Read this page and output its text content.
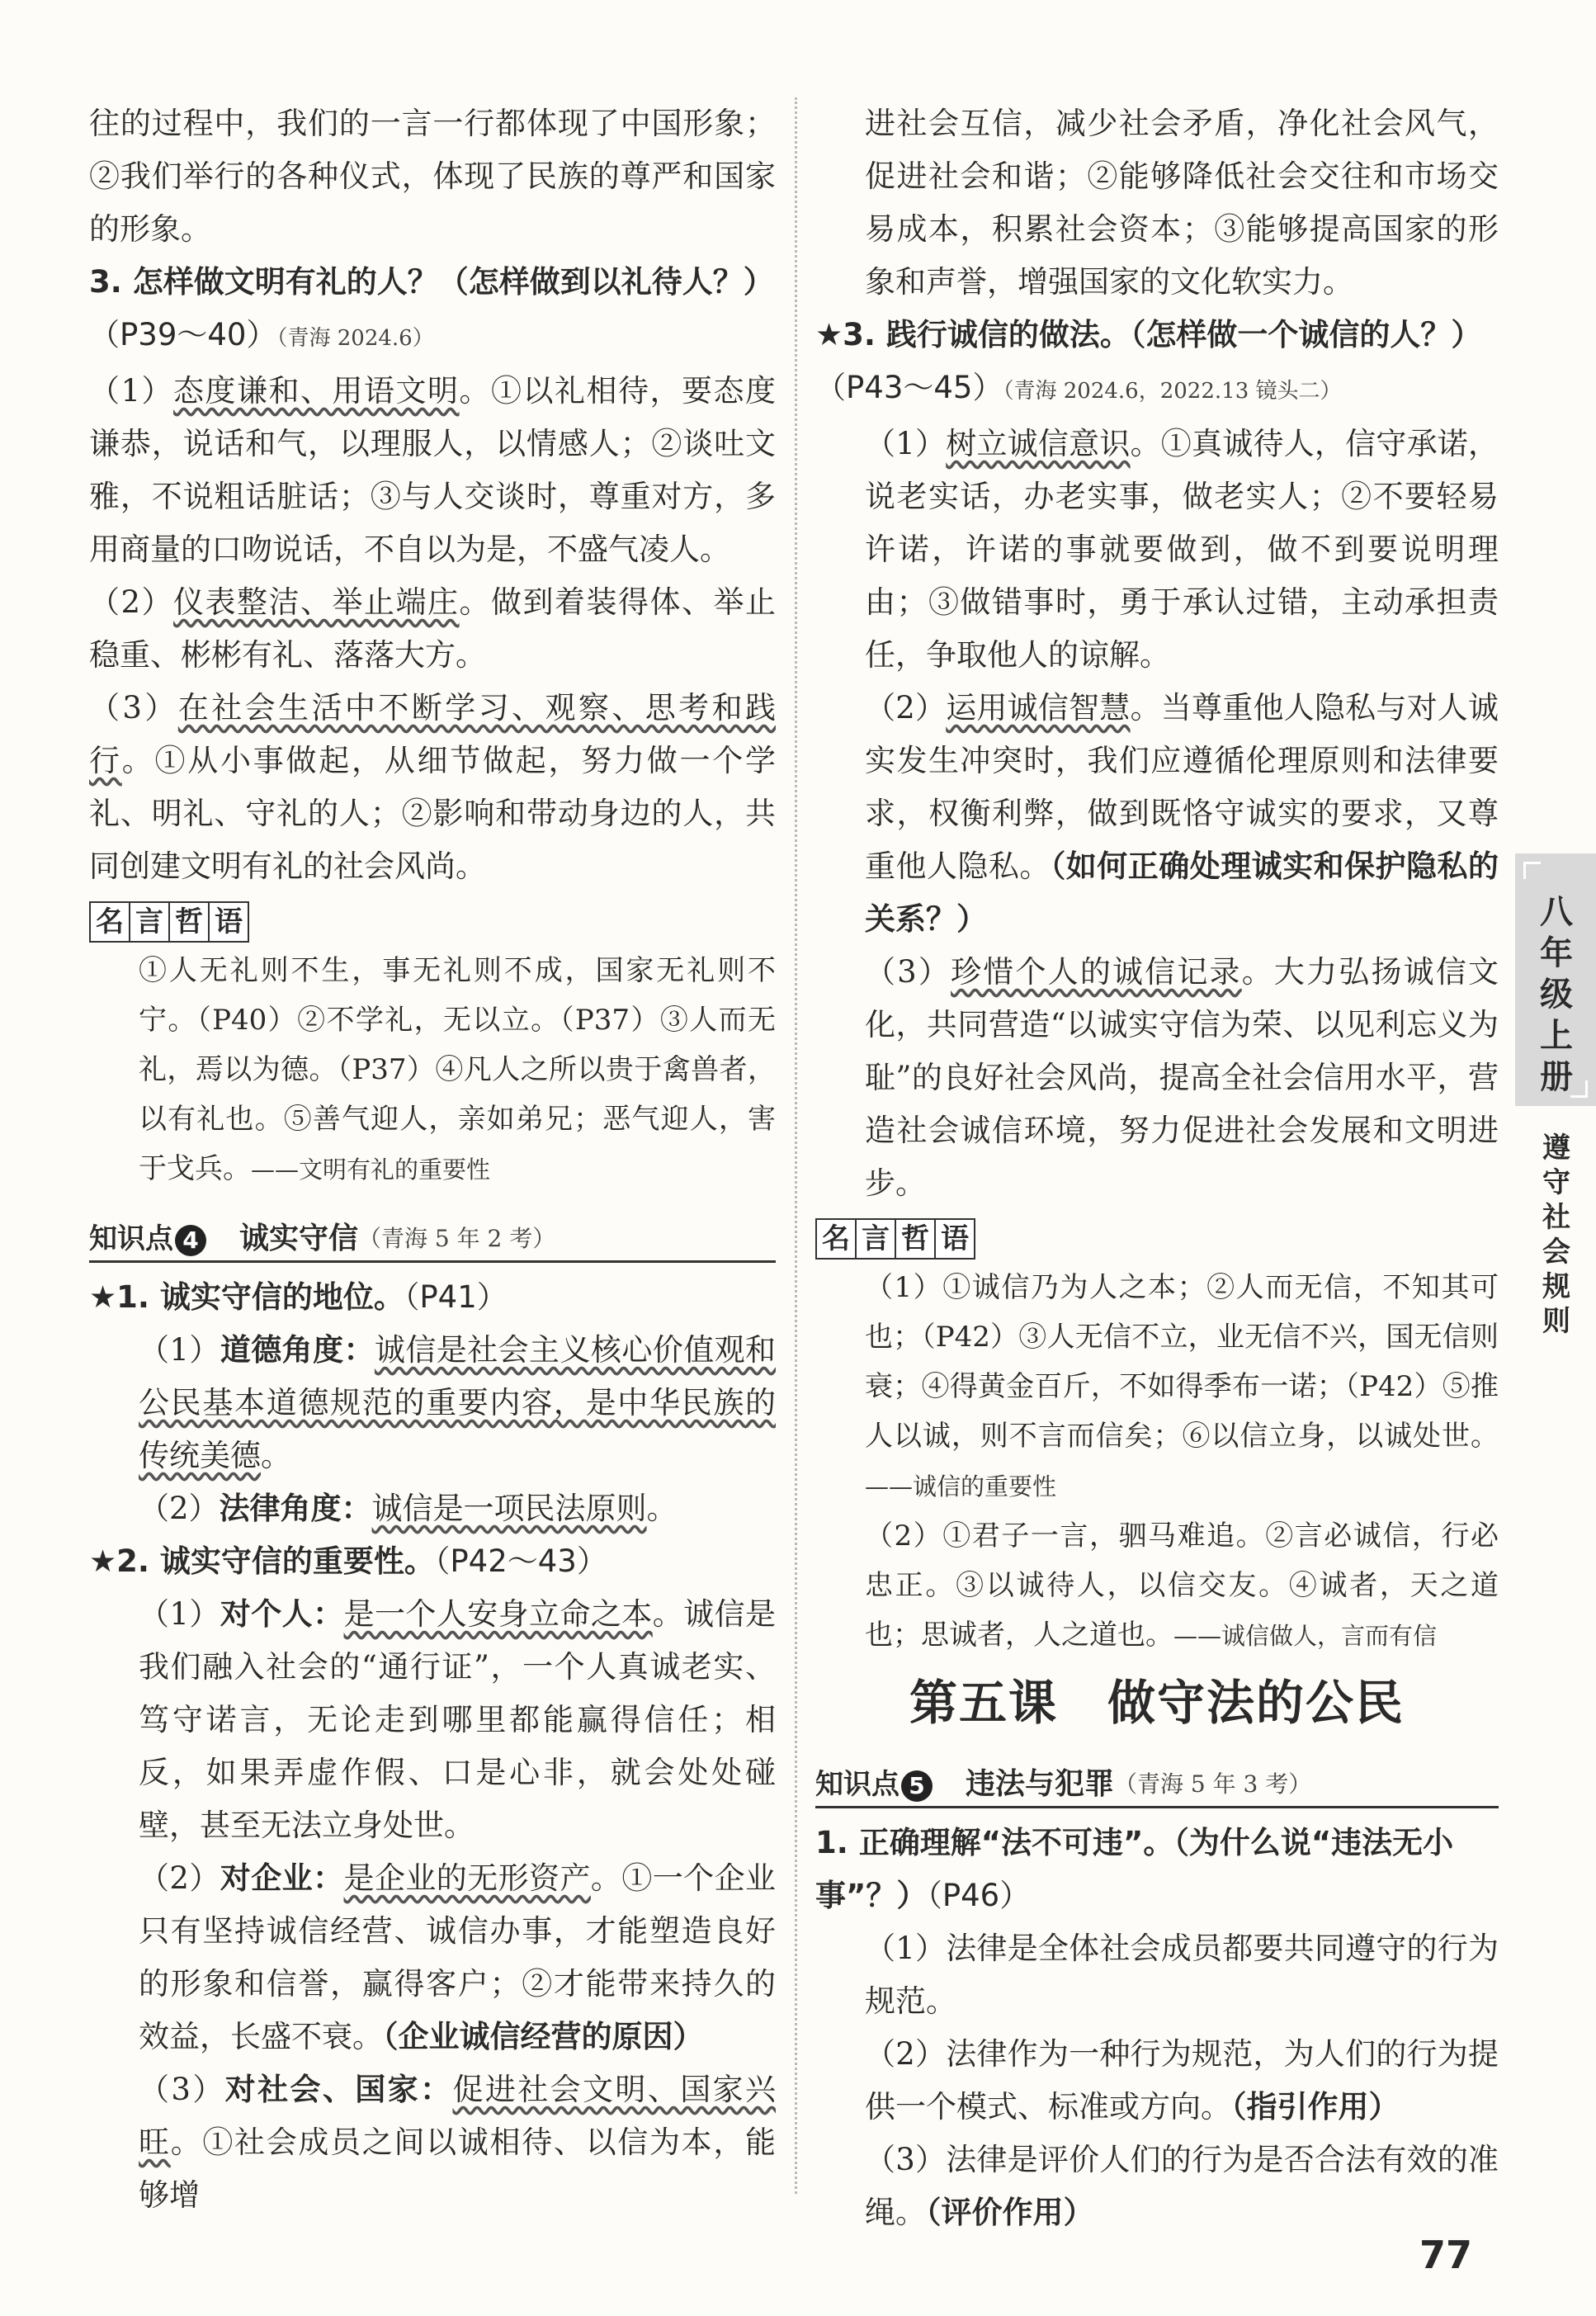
往的过程中，我们的一言一行都体现了中国形象；②我们举行的各种仪式，体现了民族的尊严和国家的形象。

3. 怎样做文明有礼的人？（怎样做到以礼待人？）（P39～40）（青海 2024.6）

（1）态度谦和、用语文明。①以礼相待，要态度谦恭，说话和气，以理服人，以情感人；②谈吐文雅，不说粗话脏话；③与人交谈时，尊重对方，多用商量的口吻说话，不自以为是，不盛气凌人。

（2）仪表整洁、举止端庄。做到着装得体、举止稳重、彬彬有礼、落落大方。

（3）在社会生活中不断学习、观察、思考和践行。①从小事做起，从细节做起，努力做一个学礼、明礼、守礼的人；②影响和带动身边的人，共同创建文明有礼的社会风尚。

名 言 哲 语

①人无礼则不生，事无礼则不成，国家无礼则不宁。（P40）②不学礼，无以立。（P37）③人而无礼，焉以为德。（P37）④凡人之所以贵于禽兽者，以有礼也。⑤善气迎人，亲如弟兄；恶气迎人，害于戈兵。——文明有礼的重要性

知识点 4	诚实守信 （青海 5 年 2 考）

★1. 诚实守信的地位。（P41）

（1）道德角度：诚信是社会主义核心价值观和公民基本道德规范的重要内容，是中华民族的传统美德。

（2）法律角度：诚信是一项民法原则。

★2. 诚实守信的重要性。（P42～43）

（1）对个人：是一个人安身立命之本。诚信是我们融入社会的“通行证”，一个人真诚老实、笃守诺言，无论走到哪里都能赢得信任；相反，如果弄虚作假、口是心非，就会处处碰壁，甚至无法立身处世。

（2）对企业：是企业的无形资产。①一个企业只有坚持诚信经营、诚信办事，才能塑造良好的形象和信誉，赢得客户；②才能带来持久的效益，长盛不衰。（企业诚信经营的原因）

（3）对社会、国家：促进社会文明、国家兴旺。①社会成员之间以诚相待、以信为本，能够增

进社会互信，减少社会矛盾，净化社会风气，促进社会和谐；②能够降低社会交往和市场交易成本，积累社会资本；③能够提高国家的形象和声誉，增强国家的文化软实力。

★3. 践行诚信的做法。（怎样做一个诚信的人？）（P43～45）（青海 2024.6，2022.13 镜头二）

（1）树立诚信意识。①真诚待人，信守承诺，说老实话，办老实事，做老实人；②不要轻易许诺，许诺的事就要做到，做不到要说明理由；③做错事时，勇于承认过错，主动承担责任，争取他人的谅解。

（2）运用诚信智慧。当尊重他人隐私与对人诚实发生冲突时，我们应遵循伦理原则和法律要求，权衡利弊，做到既恪守诚实的要求，又尊重他人隐私。（如何正确处理诚实和保护隐私的关系？）

（3）珍惜个人的诚信记录。大力弘扬诚信文化，共同营造“以诚实守信为荣、以见利忘义为耻”的良好社会风尚，提高全社会信用水平，营造社会诚信环境，努力促进社会发展和文明进步。

名 言 哲 语

（1）①诚信乃为人之本；②人而无信，不知其可也；（P42）③人无信不立，业无信不兴，国无信则衰；④得黄金百斤，不如得季布一诺；（P42）⑤推人以诚，则不言而信矣；⑥以信立身，以诚处世。——诚信的重要性

（2）①君子一言，驷马难追。②言必诚信，行必忠正。③以诚待人，以信交友。④诚者，天之道也；思诚者，人之道也。——诚信做人，言而有信

第五课　做守法的公民

知识点 5	违法与犯罪 （青海 5 年 3 考）

1. 正确理解“法不可违”。（为什么说“违法无小事”？）（P46）

（1）法律是全体社会成员都要共同遵守的行为规范。

（2）法律作为一种行为规范，为人们的行为提供一个模式、标准或方向。（指引作用）

（3）法律是评价人们的行为是否合法有效的准绳。（评价作用）

八年级上册
遵守社会规则
77
